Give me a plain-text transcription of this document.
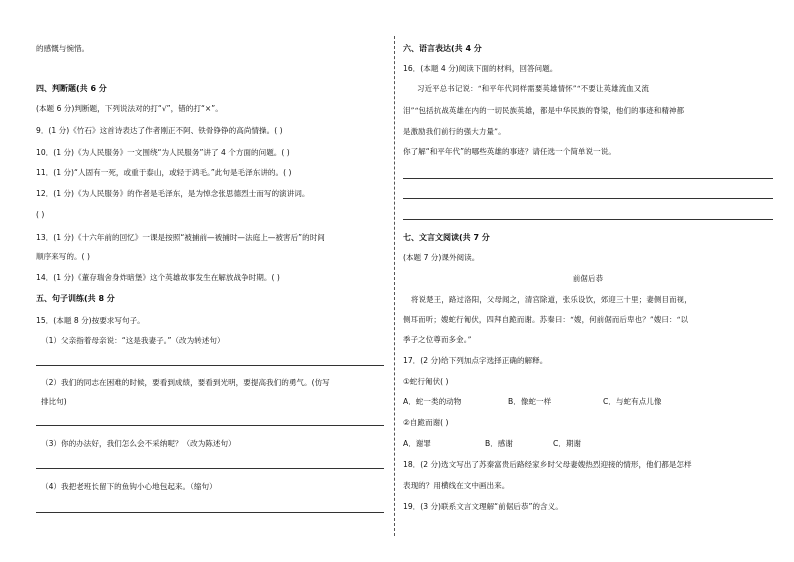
的感慨与惋惜。
四、判断题(共 6 分
(本题 6 分)判断题，下列说法对的打“√”，错的打“×”。
9．(1 分)《竹石》这首诗表达了作者刚正不阿、铁骨铮铮的高尚情操。( )
10．(1 分)《为人民服务》一文围绕“为人民服务”讲了 4 个方面的问题。( )
11．(1 分)“人固有一死，或重于泰山，或轻于鸿毛。”此句是毛泽东讲的。( )
12．(1 分)《为人民服务》的作者是毛泽东，是为悼念张思德烈士而写的演讲词。
( )
13．(1 分)《十六年前的回忆》一课是按照“被捕前—被捕时—法庭上—被害后”的时间
顺序来写的。( )
14．(1 分)《董存瑞舍身炸暗堡》这个英雄故事发生在解放战争时期。( )
五、句子训练(共 8 分
15．(本题 8 分)按要求写句子。
（1）父亲指着母亲说：“这是我妻子。”（改为转述句）
（2）我们的同志在困难的时候，要看到成绩，要看到光明，要提高我们的勇气。(仿写
排比句)
（3）你的办法好，我们怎么会不采纳呢？（改为陈述句）
（4）我把老班长留下的鱼钩小心地包起来。（缩句）
六、语言表达(共 4 分
16．(本题 4 分)阅读下面的材料，回答问题。
习近平总书记说：“和平年代同样需要英雄情怀”“不要让英雄流血又流
泪”“包括抗战英雄在内的一切民族英雄，都是中华民族的脊梁，他们的事迹和精神都
是激励我们前行的强大力量”。
你了解“和平年代”的哪些英雄的事迹？请任选一个简单说一说。
七、文言文阅读(共 7 分
(本题 7 分)课外阅读。
前倨后恭
将说楚王，路过洛阳，父母闻之，清宫除道，张乐设饮，郊迎三十里；妻侧目而视，
侧耳而听；嫂蛇行匍伏，四拜自跪而谢。苏秦曰：“嫂，何前倨而后卑也？”嫂曰：“以
季子之位尊而多金。”
17．(2 分)给下列加点字选择正确的解释。
①蛇行匍伏( )
A．蛇一类的动物	B．像蛇一样	C．与蛇有点儿像
②自跪而谢( )
A．谢罪	B．感谢	C．期谢
18．(2 分)选文写出了苏秦富贵后路经家乡时父母妻嫂热烈迎接的情形，他们都是怎样
表现的？用横线在文中画出来。
19．(3 分)联系文言文理解“前倨后恭”的含义。
